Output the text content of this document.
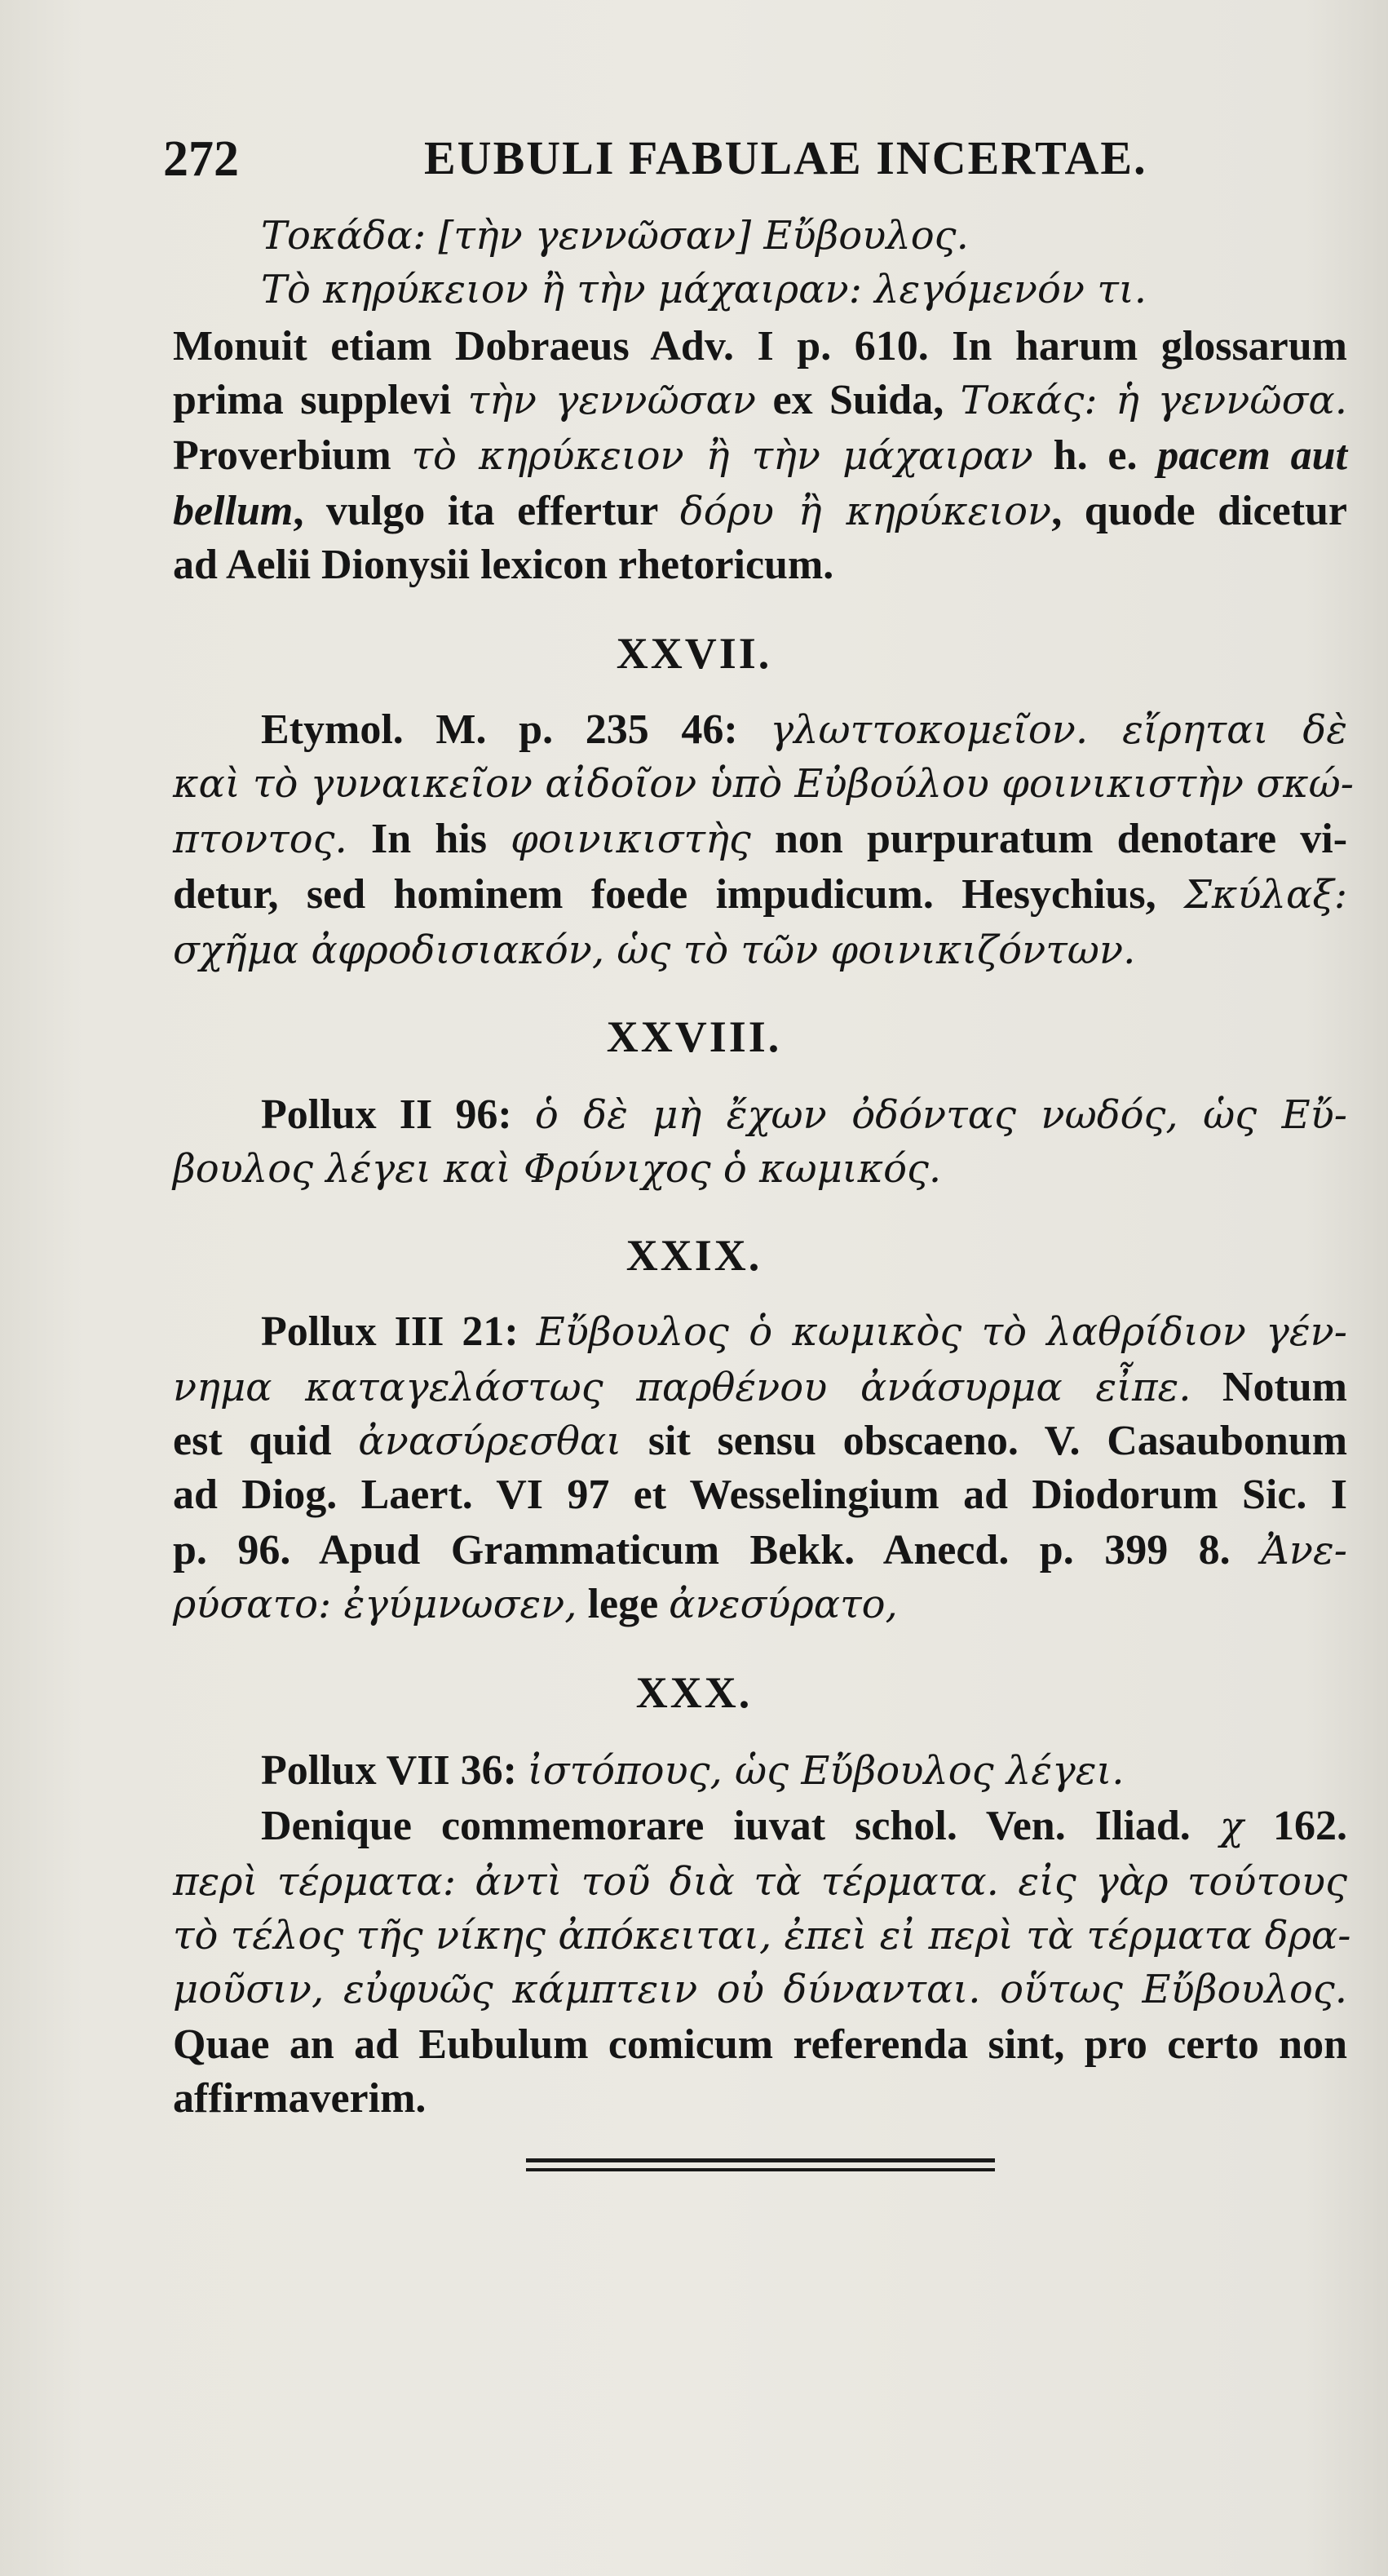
272	EUBULI FABULAE INCERTAE.
Τοκάδα: [τὴν γεννῶσαν] Εὔβουλος.
Τὸ κηρύκειον ἢ τὴν μάχαιραν: λεγόμενόν τι.
Monuit etiam Dobraeus Adv. I p. 610. In harum glossarum
prima supplevi τὴν γεννῶσαν ex Suida, Τοκάς: ἡ γεννῶσα.
Proverbium τὸ κηρύκειον ἢ τὴν μάχαιραν h. e. pacem aut
bellum, vulgo ita effertur δόρυ ἢ κηρύκειον, quode dicetur
ad Aelii Dionysii lexicon rhetoricum.
XXVII.
Etymol. M. p. 235 46: γλωττοκομεῖον. εἴρηται δὲ
καὶ τὸ γυναικεῖον αἰδοῖον ὑπὸ Εὐβούλου φοινικιστὴν σκώ-
πτοντος. In his φοινικιστὴς non purpuratum denotare vi-
detur, sed hominem foede impudicum. Hesychius, Σκύλαξ:
σχῆμα ἀφροδισιακόν, ὡς τὸ τῶν φοινικιζόντων.
XXVIII.
Pollux II 96: ὁ δὲ μὴ ἔχων ὀδόντας νωδός, ὡς Εὔ-
βουλος λέγει καὶ Φρύνιχος ὁ κωμικός.
XXIX.
Pollux III 21: Εὔβουλος ὁ κωμικὸς τὸ λαθρίδιον γέν-
νημα καταγελάστως παρθένου ἀνάσυρμα εἶπε. Notum
est quid ἀνασύρεσθαι sit sensu obscaeno. V. Casaubonum
ad Diog. Laert. VI 97 et Wesselingium ad Diodorum Sic. I
p. 96. Apud Grammaticum Bekk. Anecd. p. 399 8. Ἀνε-
ρύσατο: ἐγύμνωσεν, lege ἀνεσύρατο,
XXX.
Pollux VII 36: ἰστόπους, ὡς Εὔβουλος λέγει.
Denique commemorare iuvat schol. Ven. Iliad. χ 162.
περὶ τέρματα: ἀντὶ τοῦ διὰ τὰ τέρματα. εἰς γὰρ τούτους
τὸ τέλος τῆς νίκης ἀπόκειται, ἐπεὶ εἰ περὶ τὰ τέρματα δρα-
μοῦσιν, εὐφυῶς κάμπτειν οὐ δύνανται. οὕτως Εὔβουλος.
Quae an ad Eubulum comicum referenda sint, pro certo non
affirmaverim.
